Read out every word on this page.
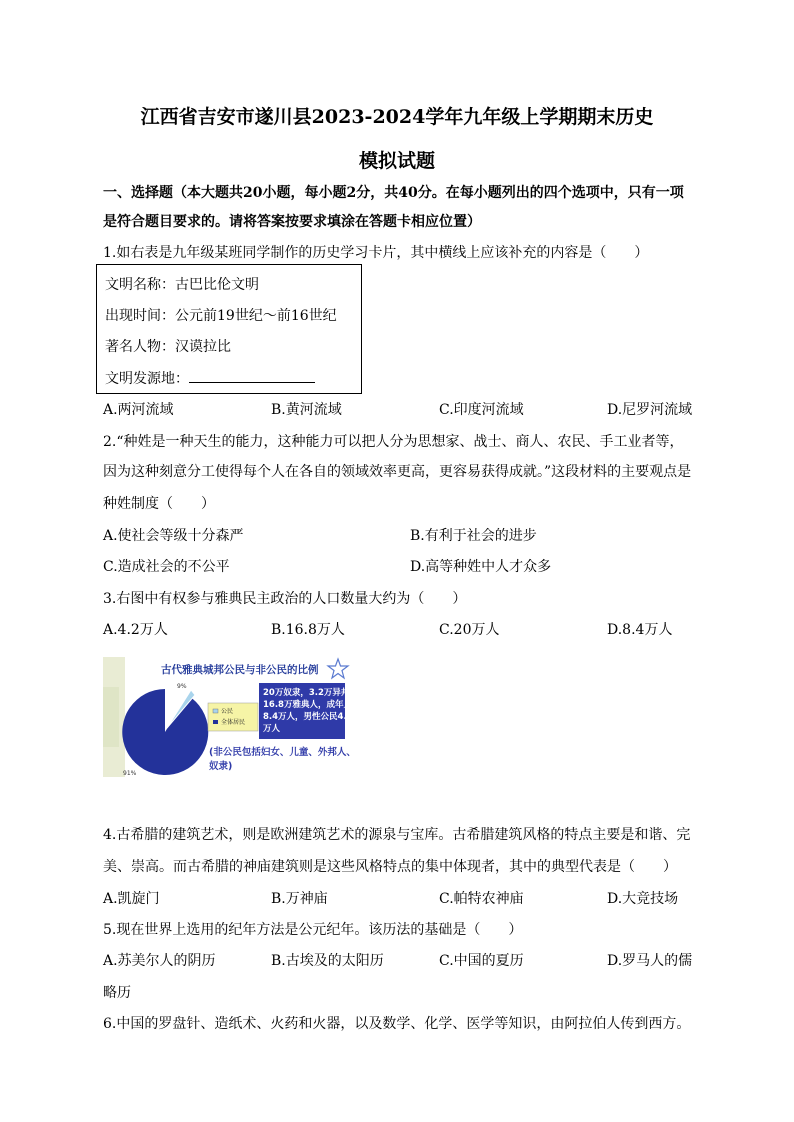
江西省吉安市遂川县2023-2024学年九年级上学期期末历史
模拟试题
一、选择题（本大题共20小题，每小题2分，共40分。在每小题列出的四个选项中，只有一项
是符合题目要求的。请将答案按要求填涂在答题卡相应位置）
1.如右表是九年级某班同学制作的历史学习卡片，其中横线上应该补充的内容是（　　）
文明名称：古巴比伦文明
出现时间：公元前19世纪～前16世纪
著名人物：汉谟拉比
文明发源地：
A.两河流域	B.黄河流域	C.印度河流域	D.尼罗河流域
2.“种姓是一种天生的能力，这种能力可以把人分为思想家、战士、商人、农民、手工业者等，
因为这种刻意分工使得每个人在各自的领域效率更高，更容易获得成就。”这段材料的主要观点是
种姓制度（　　）
A.使社会等级十分森严	B.有利于社会的进步
C.造成社会的不公平	D.高等种姓中人才众多
3.右图中有权参与雅典民主政治的人口数量大约为（　　）
A.4.2万人	B.16.8万人	C.20万人	D.8.4万人
古代雅典城邦公民与非公民的比例
9%
91%
公民
全体居民
20万奴隶，3.2万异邦人，
16.8万雅典人，成年人
8.4万人，男性公民4.2
万人
(非公民包括妇女、儿童、外邦人、
奴隶)
4.古希腊的建筑艺术，则是欧洲建筑艺术的源泉与宝库。古希腊建筑风格的特点主要是和谐、完
美、崇高。而古希腊的神庙建筑则是这些风格特点的集中体现者，其中的典型代表是（　　）
A.凯旋门	B.万神庙	C.帕特农神庙	D.大竞技场
5.现在世界上选用的纪年方法是公元纪年。该历法的基础是（　　）
A.苏美尔人的阴历	B.古埃及的太阳历	C.中国的夏历	D.罗马人的儒
略历
6.中国的罗盘针、造纸术、火药和火器，以及数学、化学、医学等知识，由阿拉伯人传到西方。
